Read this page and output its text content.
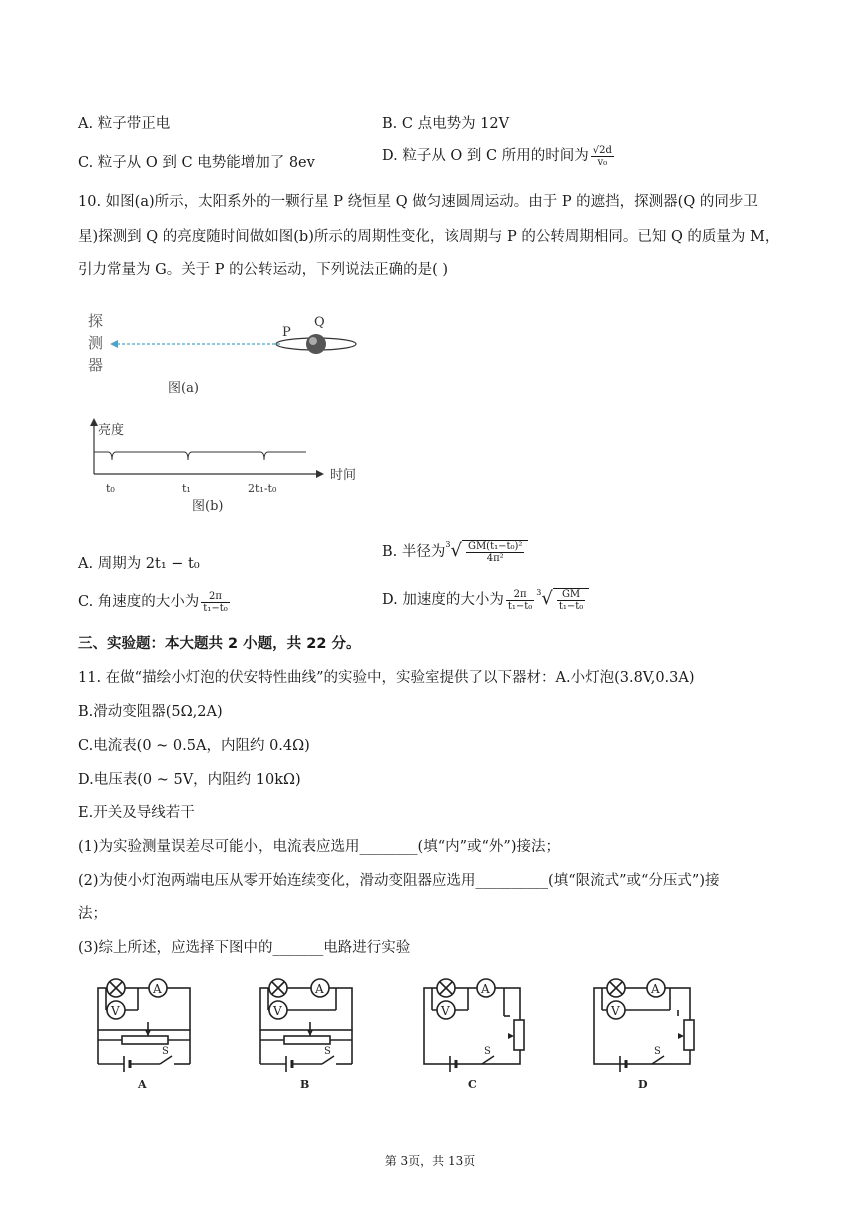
A. 粒子带正电	B. C 点电势为 12V
C. 粒子从 O 到 C 电势能增加了 8ev	D. 粒子从 O 到 C 所用的时间为 $\frac{√2d}{\text{v₀}}$
10. 如图(a)所示，太阳系外的一颗行星 P 绕恒星 Q 做匀速圆周运动。由于 P 的遮挡，探测器(Q 的同步卫
星)探测到 Q 的亮度随时间做如图(b)所示的周期性变化，该周期与 P 的公转周期相同。已知 Q 的质量为 M，
引力常量为 G。关于 P 的公转运动，下列说法正确的是( )
探
测
器
P
Q
图(a)
亮度
时间
t₀	t₁	2t₁-t₀
图(b)
A. 周期为 2t₁ − t₀
B. 半径为$^3√ \frac{\text{GM(t₁−t₀)²}}{\text{4π²}}$
C. 角速度的大小为 $\frac{2\pi}{\text{t₁−t₀}}$	D. 加速度的大小为 $\frac{2\pi}{\text{t₁−t₀}} ^3√ \frac{GM}{\text{t₁−t₀}}$
三、实验题：本大题共 2 小题，共 22 分。
11. 在做“描绘小灯泡的伏安特性曲线”的实验中，实验室提供了以下器材：A.小灯泡(3.8V,0.3A)
B.滑动变阻器(5Ω,2A)
C.电流表(0 ~ 0.5A，内阻约 0.4Ω)
D.电压表(0 ~ 5V，内阻约 10kΩ)
E.开关及导线若干
(1)为实验测量误差尽可能小，电流表应选用________(填“内”或“外”)接法；
(2)为使小灯泡两端电压从零开始连续变化，滑动变阻器应选用__________(填“限流式”或“分压式”)接
法；
(3)综上所述，应选择下图中的_______电路进行实验
A
V
S
A
A
V
S
B
A
V
S
C
A
V
S
D
第 3页，共 13页
